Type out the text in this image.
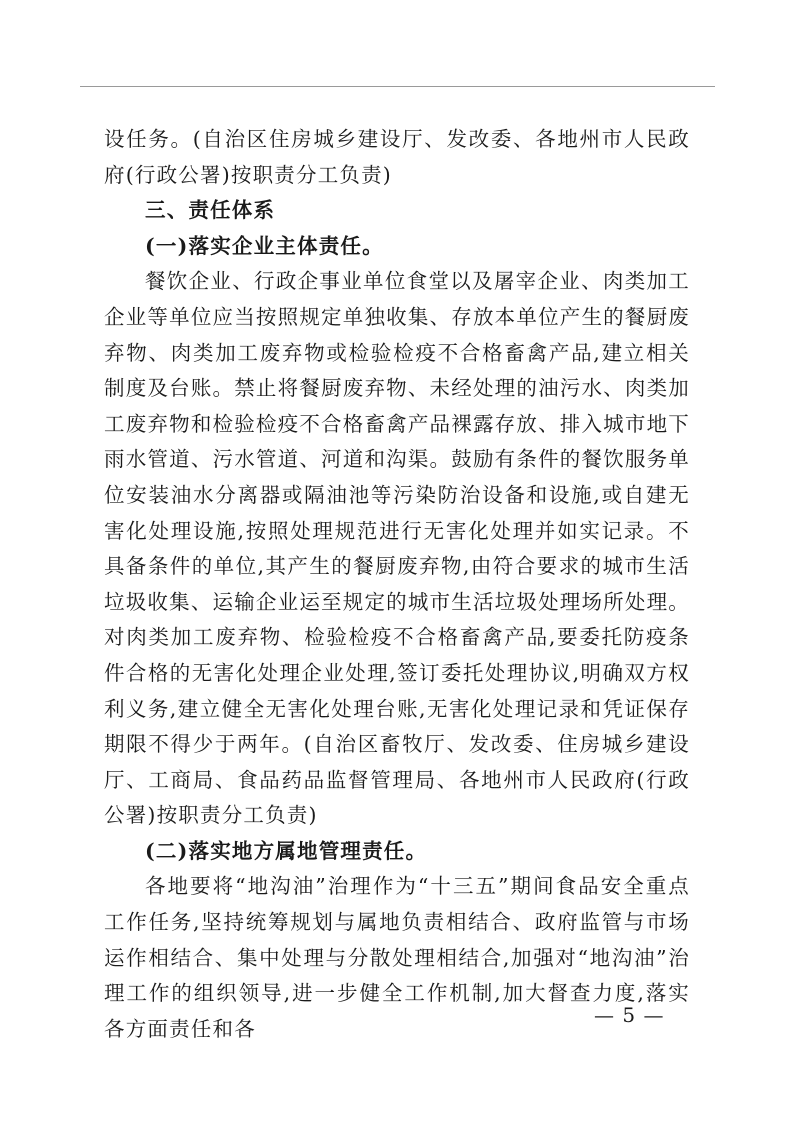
设任务。(自治区住房城乡建设厅、发改委、各地州市人民政府(行政公署)按职责分工负责)

三、责任体系

(一)落实企业主体责任。

餐饮企业、行政企事业单位食堂以及屠宰企业、肉类加工企业等单位应当按照规定单独收集、存放本单位产生的餐厨废弃物、肉类加工废弃物或检验检疫不合格畜禽产品,建立相关制度及台账。禁止将餐厨废弃物、未经处理的油污水、肉类加工废弃物和检验检疫不合格畜禽产品裸露存放、排入城市地下雨水管道、污水管道、河道和沟渠。鼓励有条件的餐饮服务单位安装油水分离器或隔油池等污染防治设备和设施,或自建无害化处理设施,按照处理规范进行无害化处理并如实记录。不具备条件的单位,其产生的餐厨废弃物,由符合要求的城市生活垃圾收集、运输企业运至规定的城市生活垃圾处理场所处理。对肉类加工废弃物、检验检疫不合格畜禽产品,要委托防疫条件合格的无害化处理企业处理,签订委托处理协议,明确双方权利义务,建立健全无害化处理台账,无害化处理记录和凭证保存期限不得少于两年。(自治区畜牧厅、发改委、住房城乡建设厅、工商局、食品药品监督管理局、各地州市人民政府(行政公署)按职责分工负责)

(二)落实地方属地管理责任。

各地要将“地沟油”治理作为“十三五”期间食品安全重点工作任务,坚持统筹规划与属地负责相结合、政府监管与市场运作相结合、集中处理与分散处理相结合,加强对“地沟油”治理工作的组织领导,进一步健全工作机制,加大督查力度,落实各方面责任和各

— 5 —
